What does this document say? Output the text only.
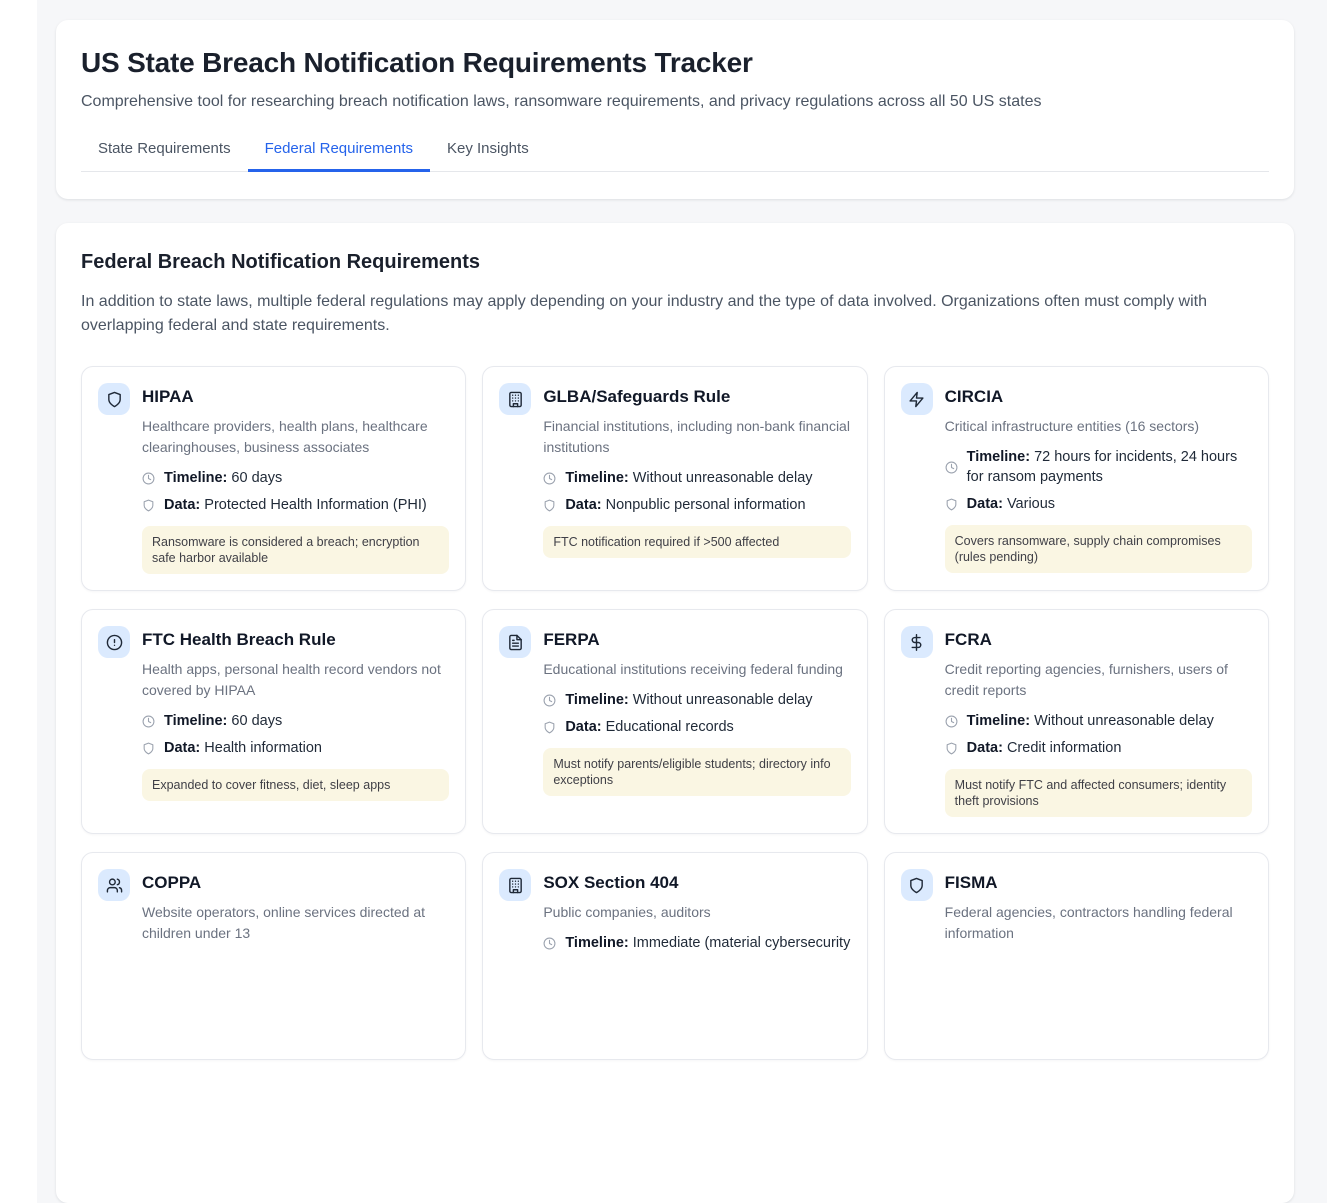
US State Breach Notification Requirements Tracker

Comprehensive tool for researching breach notification laws, ransomware requirements, and privacy regulations across all 50 US states

State Requirements	Federal Requirements	Key Insights
Federal Breach Notification Requirements

In addition to state laws, multiple federal regulations may apply depending on your industry and the type of data involved. Organizations often must comply with overlapping federal and state requirements.

HIPAA
Healthcare providers, health plans, healthcare clearinghouses, business associates
Timeline: 60 days
Data: Protected Health Information (PHI)
Ransomware is considered a breach; encryption safe harbor available
GLBA/Safeguards Rule
Financial institutions, including non-bank financial institutions
Timeline: Without unreasonable delay
Data: Nonpublic personal information
FTC notification required if >500 affected
CIRCIA
Critical infrastructure entities (16 sectors)
Timeline: 72 hours for incidents, 24 hours for ransom payments
Data: Various
Covers ransomware, supply chain compromises (rules pending)
FTC Health Breach Rule
Health apps, personal health record vendors not covered by HIPAA
Timeline: 60 days
Data: Health information
Expanded to cover fitness, diet, sleep apps
FERPA
Educational institutions receiving federal funding
Timeline: Without unreasonable delay
Data: Educational records
Must notify parents/eligible students; directory info exceptions
FCRA
Credit reporting agencies, furnishers, users of credit reports
Timeline: Without unreasonable delay
Data: Credit information
Must notify FTC and affected consumers; identity theft provisions
COPPA
Website operators, online services directed at children under 13
SOX Section 404
Public companies, auditors
Timeline: Immediate (material cybersecurity
FISMA
Federal agencies, contractors handling federal information
